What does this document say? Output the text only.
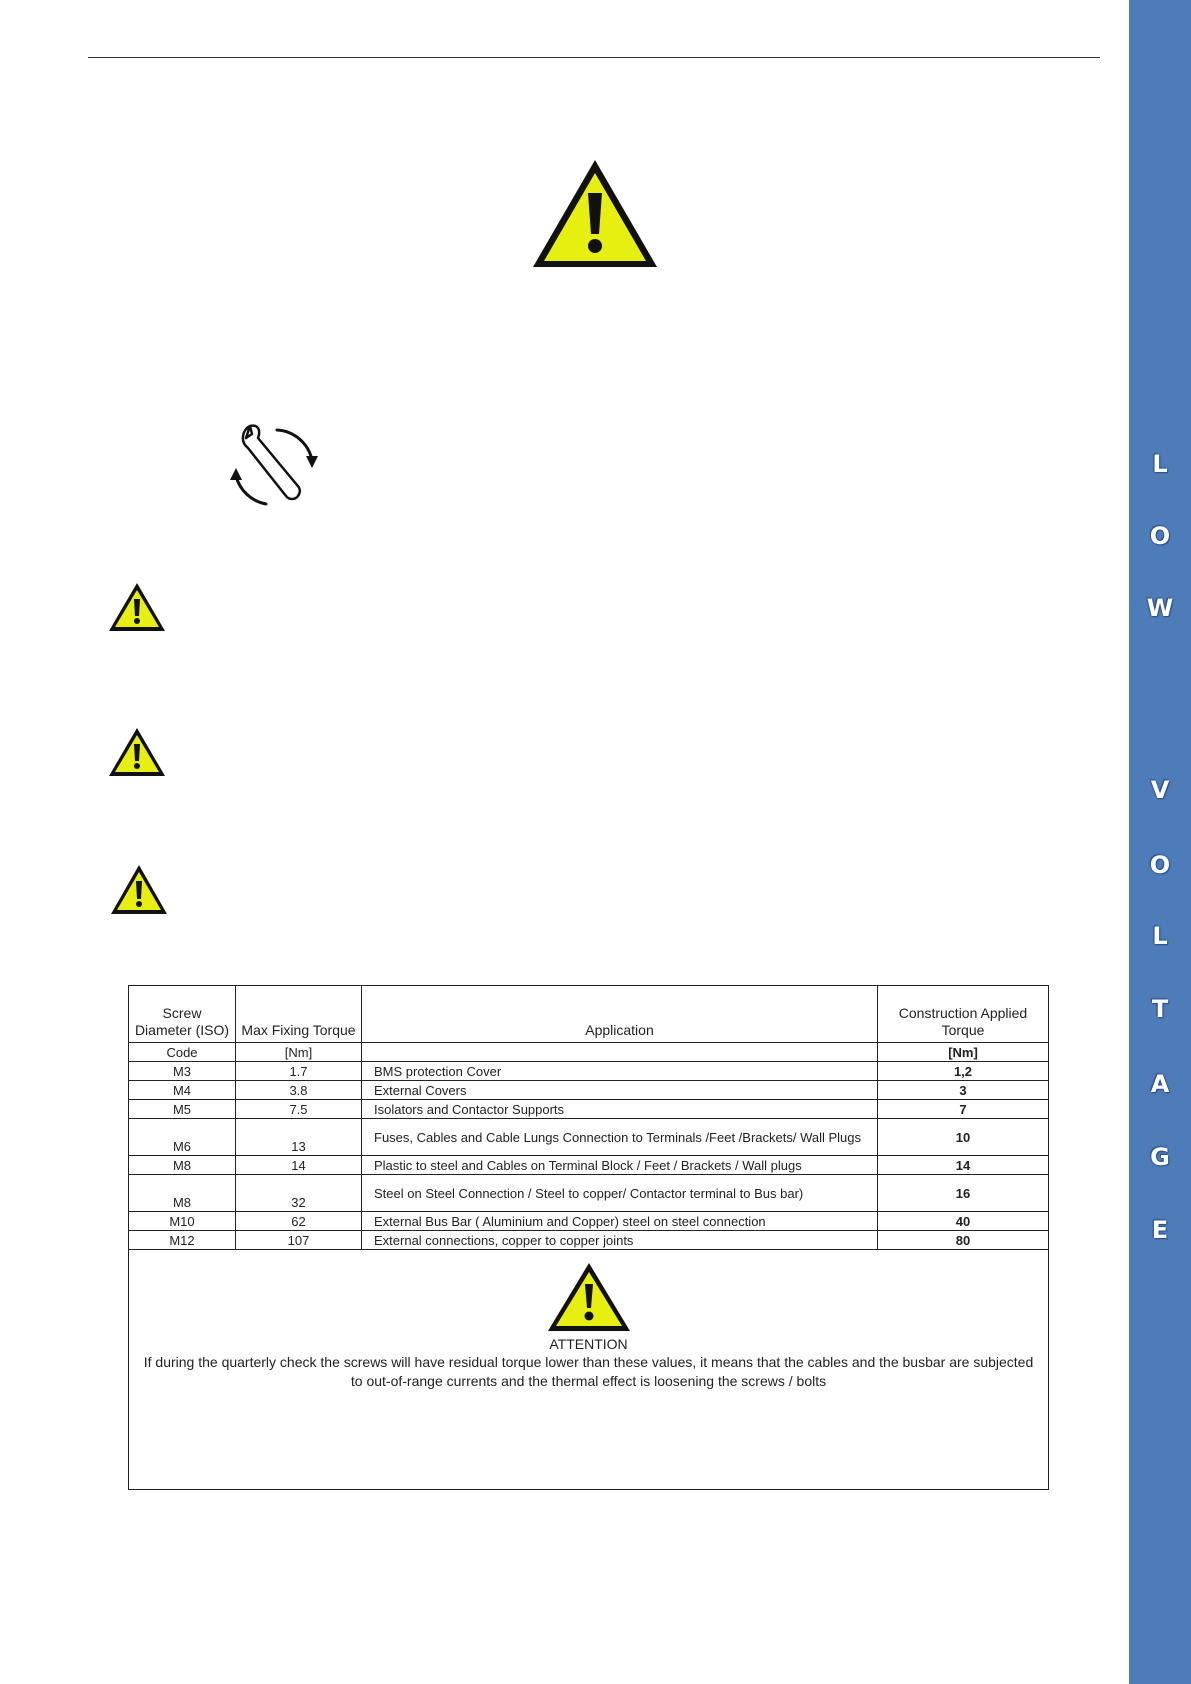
L
O
W
V
O
L
T
A
G
E
Screw Diameter (ISO)	Max Fixing Torque	Application	Construction Applied Torque
Code	[Nm]		[Nm]
M3	1.7	BMS protection Cover	1,2
M4	3.8	External Covers	3
M5	7.5	Isolators and Contactor Supports	7
M6	13	Fuses, Cables and Cable Lungs Connection to Terminals /Feet /Brackets/ Wall Plugs	10
M8	14	Plastic to steel and Cables on Terminal Block / Feet / Brackets / Wall plugs	14
M8	32	Steel on Steel Connection / Steel to copper/ Contactor terminal to Bus bar)	16
M10	62	External Bus Bar ( Aluminium and Copper) steel on steel connection	40
M12	107	External connections, copper to copper joints	80

ATTENTION
If during the quarterly check the screws will have residual torque lower than these values, it means that the cables and the busbar are subjected to out-of-range currents and the thermal effect is loosening the screws / bolts			
